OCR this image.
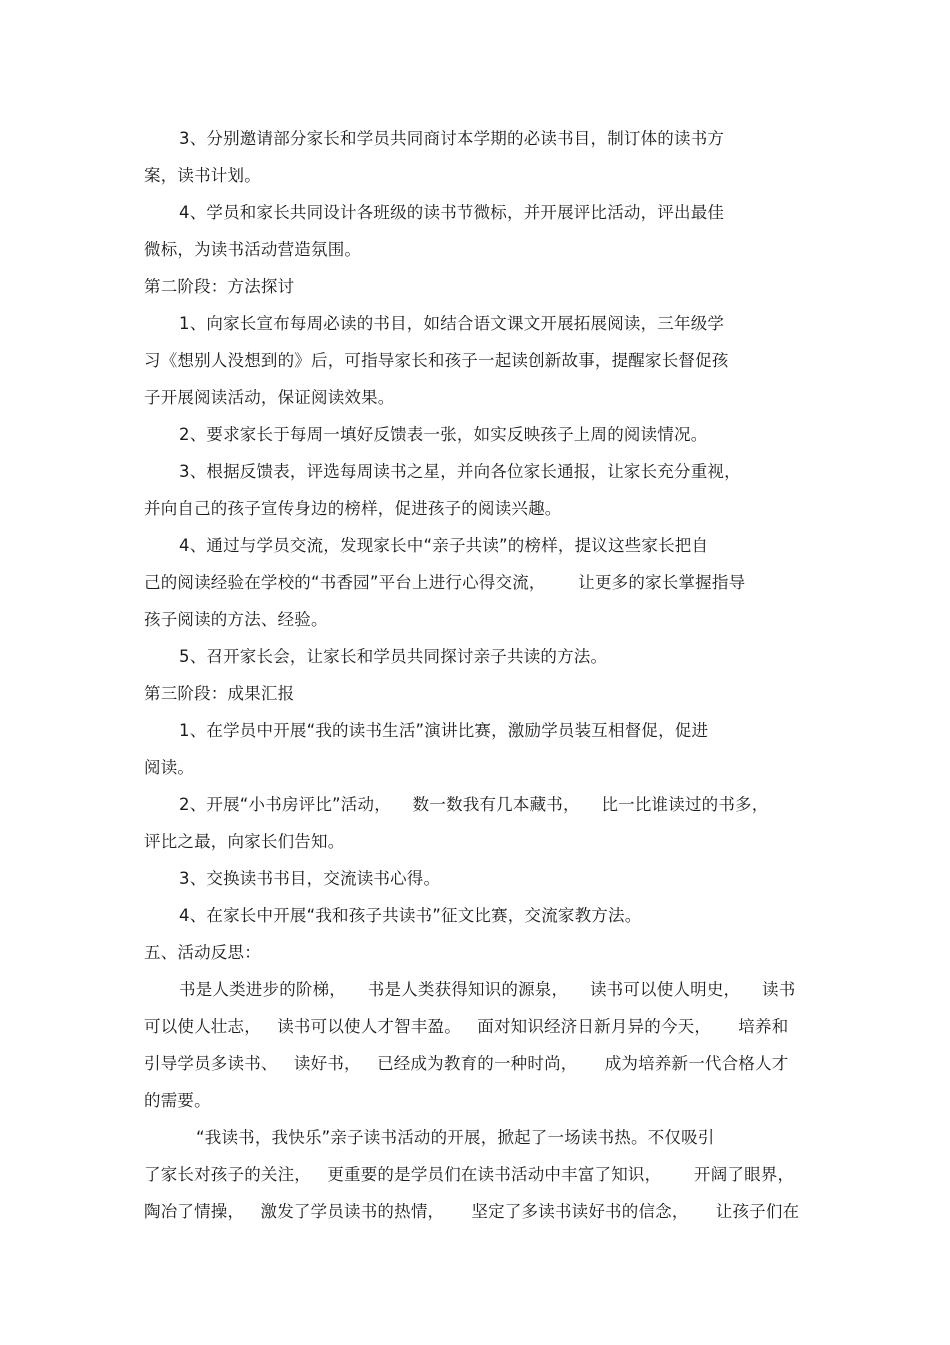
3、分别邀请部分家长和学员共同商讨本学期的必读书目，制订体的读书方
案，读书计划。
4、学员和家长共同设计各班级的读书节微标，并开展评比活动，评出最佳
微标，为读书活动营造氛围。
第二阶段：方法探讨
1、向家长宣布每周必读的书目，如结合语文课文开展拓展阅读，三年级学
习《想别人没想到的》后，可指导家长和孩子一起读创新故事，提醒家长督促孩
子开展阅读活动，保证阅读效果。
2、要求家长于每周一填好反馈表一张，如实反映孩子上周的阅读情况。
3、根据反馈表，评选每周读书之星，并向各位家长通报，让家长充分重视，
并向自己的孩子宣传身边的榜样，促进孩子的阅读兴趣。
4、通过与学员交流，发现家长中“亲子共读”的榜样，提议这些家长把自
己的阅读经验在学校的“书香园”平台上进行心得交流，      让更多的家长掌握指导
孩子阅读的方法、经验。
5、召开家长会，让家长和学员共同探讨亲子共读的方法。
第三阶段：成果汇报
1、在学员中开展“我的读书生活”演讲比赛，激励学员装互相督促，促进
阅读。
2、开展“小书房评比”活动，    数一数我有几本藏书，    比一比谁读过的书多，
评比之最，向家长们告知。
3、交换读书书目，交流读书心得。
4、在家长中开展“我和孩子共读书”征文比赛，交流家教方法。
五、活动反思：
书是人类进步的阶梯，    书是人类获得知识的源泉，    读书可以使人明史，    读书
可以使人壮志，   读书可以使人才智丰盈。   面对知识经济日新月异的今天，     培养和
引导学员多读书、   读好书，   已经成为教育的一种时尚，     成为培养新一代合格人才
的需要。
“我读书，我快乐”亲子读书活动的开展，掀起了一场读书热。不仅吸引
了家长对孩子的关注，   更重要的是学员们在读书活动中丰富了知识，      开阔了眼界，
陶冶了情操，   激发了学员读书的热情，     坚定了多读书读好书的信念，     让孩子们在
